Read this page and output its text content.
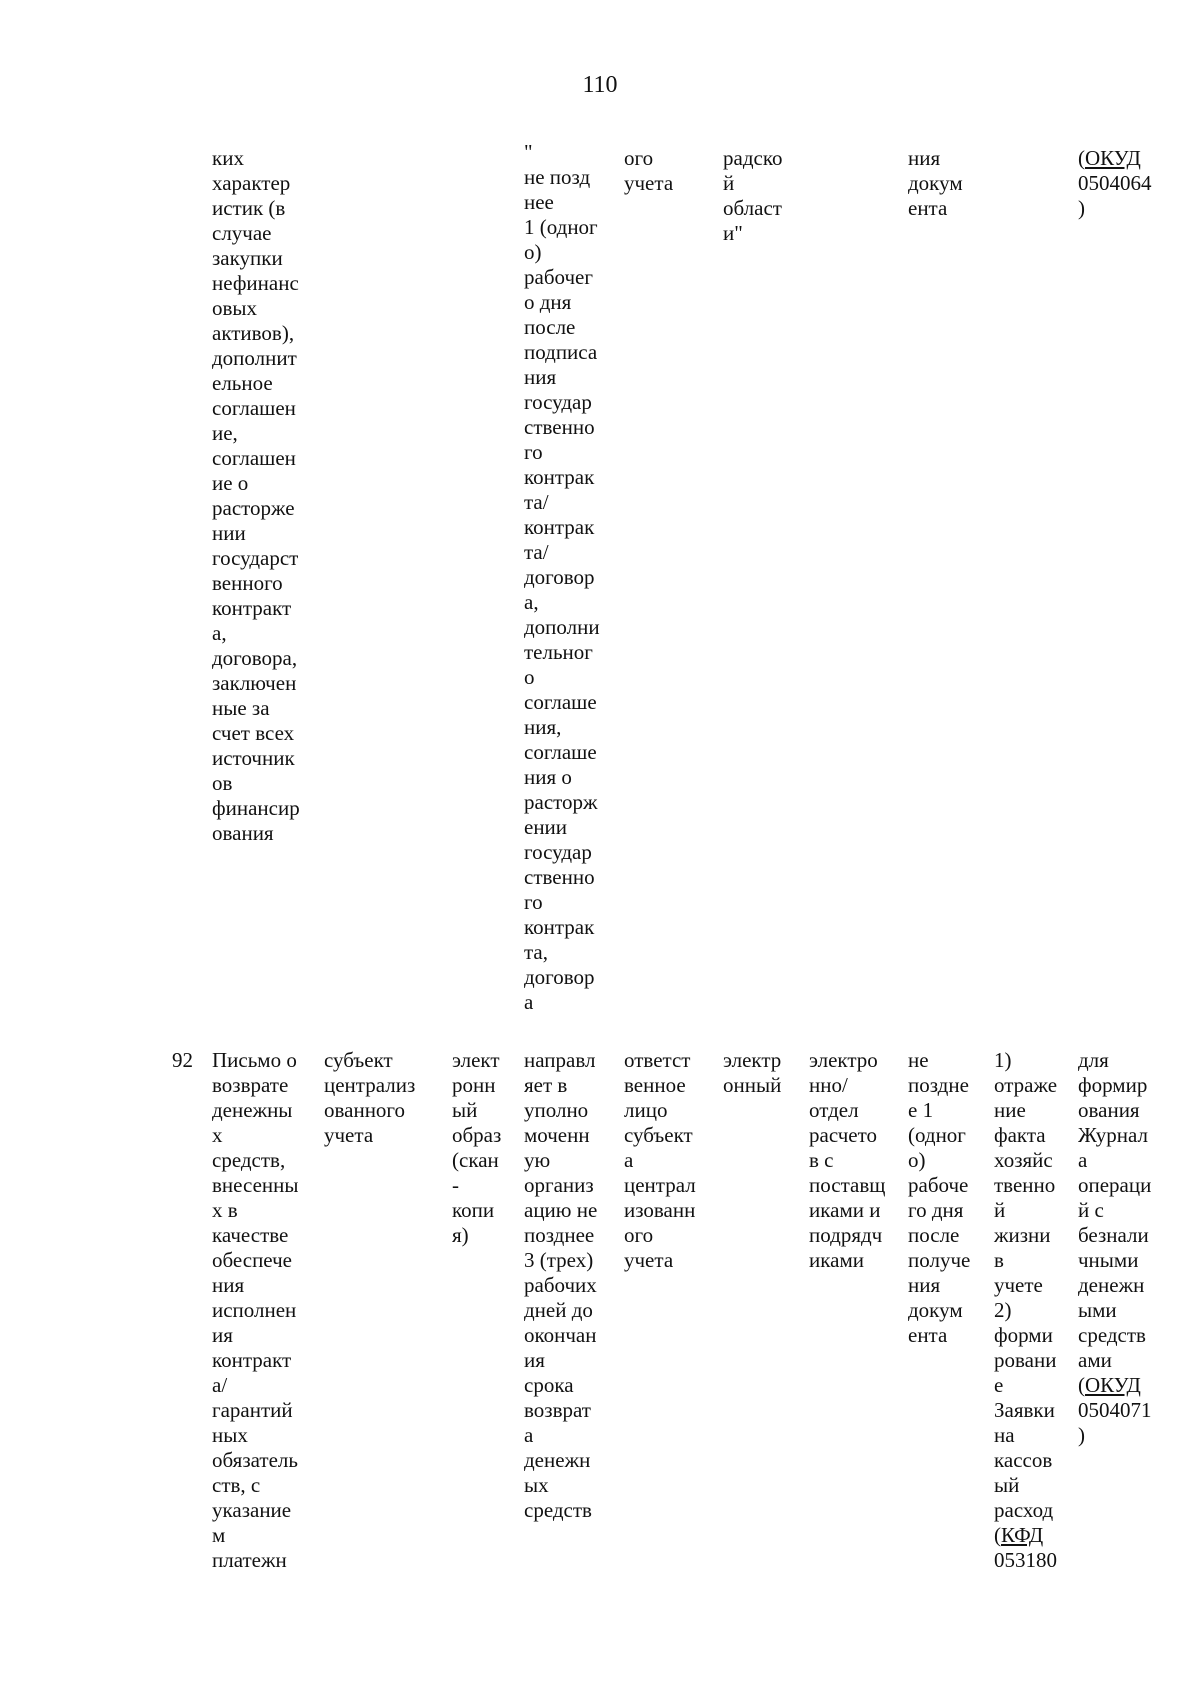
110
ких
характер
истик (в
случае
закупки
нефинанс
овых
активов),
дополнит
ельное
соглашен
ие,
соглашен
ие о
расторже
нии
государст
венного
контракт
а,
договора,
заключен
ные за
счет всех
источник
ов
финансир
ования
"
не позд
нее
1 (одног
о)
рабочег
о дня
после
подписа
ния
государ
ственно
го
контрак
та/
контрак
та/
договор
а,
дополни
тельног
о
соглаше
ния,
соглаше
ния о
расторж
ении
государ
ственно
го
контрак
та,
договор
а
ого
учета
радско
й
област
и"
ния
докум
ента
(ОКУД
0504064
)
92 Письмо о
возврате
денежны
х
средств,
внесенны
х в
качестве
обеспече
ния
исполнен
ия
контракт
а/
гарантий
ных
обязатель
ств, с
указание
м
платежн
субъект
централиз
ованного
учета
элект
ронн
ый
образ
(скан
-
копи
я)
направл
яет в
уполно
моченн
ую
организ
ацию не
позднее
3 (трех)
рабочих
дней до
окончан
ия
срока
возврат
а
денежн
ых
средств
ответст
венное
лицо
субъект
а
централ
изованн
ого
учета
электр
онный
электро
нно/
отдел
расчето
в с
поставщ
иками и
подрядч
иками
не
поздне
е 1
(одног
о)
рабоче
го дня
после
получе
ния
докум
ента
1)
отраже
ние
факта
хозяйс
твенно
й
жизни
в
учете
2)
форми
ровани
е
Заявки
на
кассов
ый
расход
(КФД
053180
для
формир
ования
Журнал
а
операци
й с
безнали
чными
денежн
ыми
средств
ами
(ОКУД
0504071
)
